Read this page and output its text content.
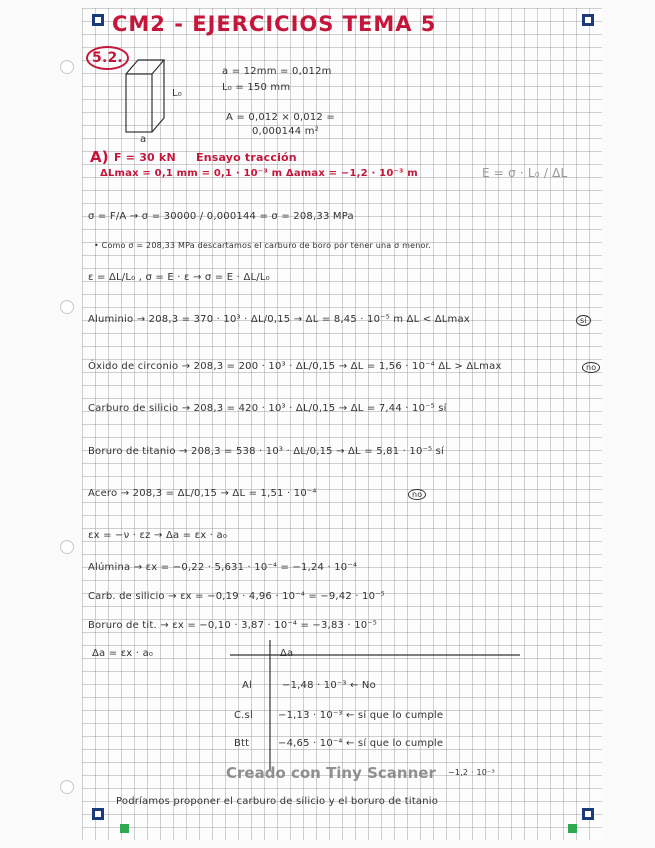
CM2 - EJERCICIOS TEMA 5
5.2.
L₀
a
a = 12mm = 0,012m
L₀ = 150 mm
A = 0,012 × 0,012 =
0,000144 m²
A) F = 30 kN Ensayo tracción
ΔLmax = 0,1 mm = 0,1 · 10⁻³ m Δamax = −1,2 · 10⁻³ m	E = σ · L₀ / ΔL
σ = F/A → σ = 30000 / 0,000144 = σ = 208,33 MPa
• Como σ = 208,33 MPa descartamos el carburo de boro por tener una σ menor.
ε = ΔL/L₀ , σ = E · ε → σ = E · ΔL/L₀
Aluminio → 208,3 = 370 · 10³ · ΔL/0,15 → ΔL = 8,45 · 10⁻⁵ m ΔL < ΔLmax	sí
Óxido de circonio → 208,3 = 200 · 10³ · ΔL/0,15 → ΔL = 1,56 · 10⁻⁴ ΔL > ΔLmax	no
Carburo de silicio → 208,3 = 420 · 10³ · ΔL/0,15 → ΔL = 7,44 · 10⁻⁵ sí
Boruro de titanio → 208,3 = 538 · 10³ · ΔL/0,15 → ΔL = 5,81 · 10⁻⁵ sí
Acero → 208,3 = ΔL/0,15 → ΔL = 1,51 · 10⁻⁴	no
εx = −ν · εz → Δa = εx · a₀
Alúmina → εx = −0,22 · 5,631 · 10⁻⁴ = −1,24 · 10⁻⁴
Carb. de silicio → εx = −0,19 · 4,96 · 10⁻⁴ = −9,42 · 10⁻⁵
Boruro de tit. → εx = −0,10 · 3,87 · 10⁻⁴ = −3,83 · 10⁻⁵
Δa = εx · a₀	Δa
Al	−1,48 · 10⁻³ ← No
C.sl	−1,13 · 10⁻³ ← sí que lo cumple
Btt	−4,65 · 10⁻⁴ ← sí que lo cumple
−1,2 · 10⁻³
Creado con Tiny Scanner
Podríamos proponer el carburo de silicio y el boruro de titanio
